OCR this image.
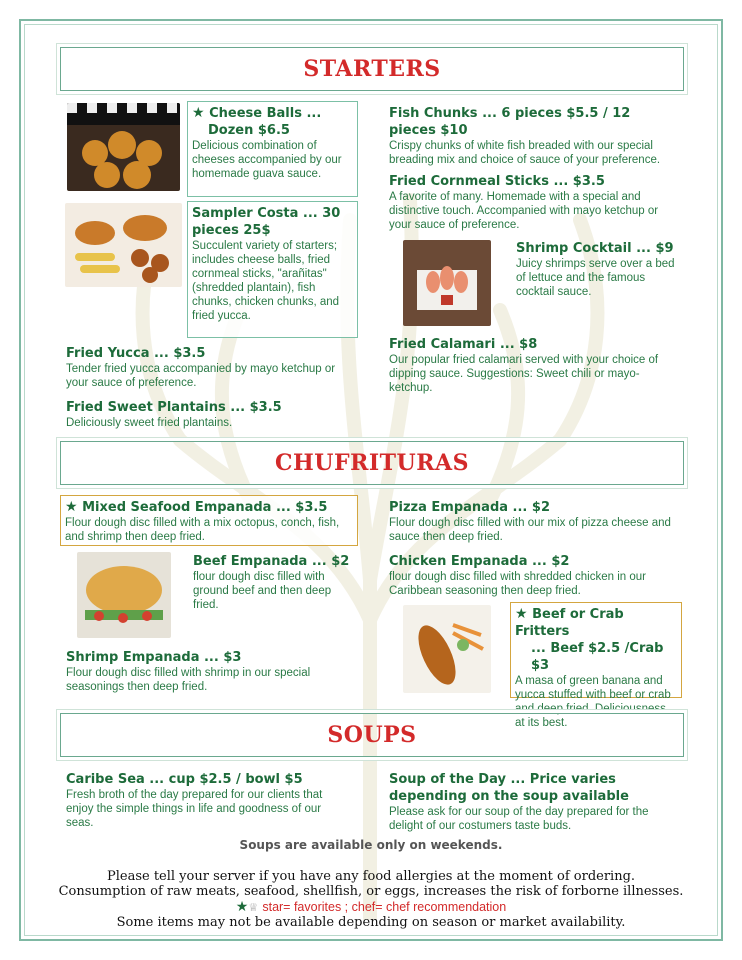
STARTERS
★ Cheese Balls ...
Dozen $6.5
Delicious combination of cheeses accompanied by our homemade guava sauce.
Sampler Costa ... 30 pieces 25$
Succulent variety of starters; includes cheese balls, fried cornmeal sticks, "arañitas" (shredded plantain), fish chunks, chicken chunks, and fried yucca.
Fried Yucca ... $3.5
Tender fried yucca accompanied by mayo ketchup or your sauce of preference.
Fried Sweet Plantains ... $3.5
Deliciously sweet fried plantains.
Fish Chunks ... 6 pieces $5.5 / 12 pieces $10
Crispy chunks of white fish breaded with our special breading mix and choice of sauce of your preference.
Fried Cornmeal Sticks ... $3.5
A favorite of many. Homemade with a special and distinctive touch. Accompanied with mayo ketchup or your sauce of preference.
Shrimp Cocktail ... $9
Juicy shrimps serve over a bed of lettuce and the famous cocktail sauce.
Fried Calamari ... $8
Our popular fried calamari served with your choice of dipping sauce. Suggestions: Sweet chili or mayo-ketchup.
CHUFRITURAS
★ Mixed Seafood Empanada ... $3.5
Flour dough disc filled with a mix octopus, conch, fish, and shrimp then deep fried.
Beef Empanada ... $2
flour dough disc filled with ground beef and then deep fried.
Shrimp Empanada ... $3
Flour dough disc filled with shrimp in our special seasonings then deep fried.
Pizza Empanada ... $2
Flour dough disc filled with our mix of pizza cheese and sauce then deep fried.
Chicken Empanada ... $2
flour dough disc filled with shredded chicken in our Caribbean seasoning then deep fried.
★ Beef or Crab Fritters
... Beef $2.5 /Crab $3
A masa of green banana and yucca stuffed with beef or crab and deep fried. Deliciousness at its best.
SOUPS
Caribe Sea ... cup $2.5 / bowl $5
Fresh broth of the day prepared for our clients that enjoy the simple things in life and goodness of our seas.
Soup of the Day ... Price varies depending on the soup available
Please ask for our soup of the day prepared for the delight of our costumers taste buds.
Soups are available only on weekends.
Please tell your server if you have any food allergies at the moment of ordering.
Consumption of raw meats, seafood, shellfish, or eggs, increases the risk of forborne illnesses.
★♕ star= favorites ; chef= chef recommendation
Some items may not be available depending on season or market availability.
